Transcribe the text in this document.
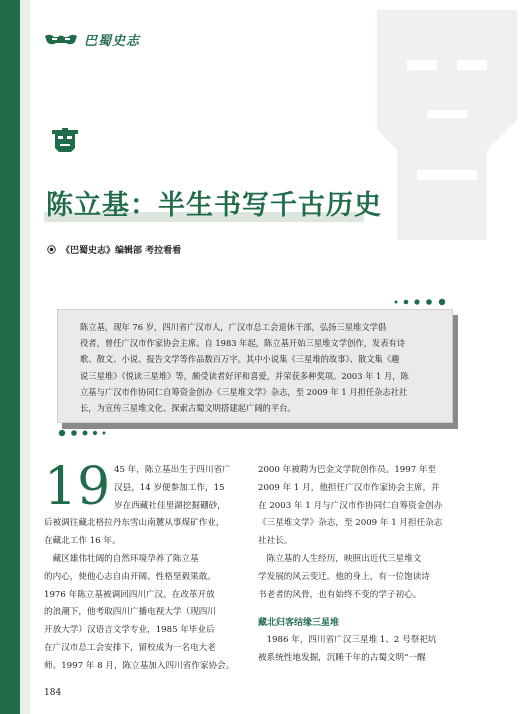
巴蜀史志
陈立基：半生书写千古历史
《巴蜀史志》编辑部 考拉看看
陈立基，现年 76 岁，四川省广汉市人，广汉市总工会退休干部，弘扬三星堆文学倡
役者，曾任广汉市作家协会主席。自 1983 年起，陈立基开始三星堆文学创作，发表有诗
歌、散文、小说、报告文学等作品数百万字。其中小说集《三星堆的故事》、散文集《趣
说三星堆》《悦读三星堆》等，颇受读者好评和喜爱，并荣获多种奖项。2003 年 1 月，陈
立基与广汉市作协同仁自筹资金创办《三星堆文学》杂志，至 2009 年 1 月担任杂志社社
长，为宣传三星堆文化、探索古蜀文明搭建起广阔的平台。
19 45 年，陈立基出生于四川省广
汉县，14 岁便参加工作，15
岁在西藏社佳里湖挖掘硼砂，
后被调往藏北格拉丹东雪山南麓从事煤矿作业，
在藏北工作 16 年。
　藏区雄伟壮阔的自然环境孕养了陈立基
的内心，使他心志自由开阔、性格坚毅果敢。
1976 年陈立基被调回四川广汉。在改革开放
的浪潮下，他考取四川广播电视大学（现四川
开放大学）汉语言文学专业，1985 年毕业后
在广汉市总工会安排下，留校成为一名电大老
师。1997 年 8 月，陈立基加入四川省作家协会。
2000 年被聘为巴金文学院创作员。1997 年至
2009 年 1 月，他担任广汉市作家协会主席，并
在 2003 年 1 月与广汉市作协同仁自筹资金创办
《三星堆文学》杂志，至 2009 年 1 月担任杂志
社社长。
　陈立基的人生经历，映照出近代三星堆文
学发展的风云变迁。他的身上，有一位饱读诗
书老者的风骨，也有始终不变的学子初心。
藏北归客结缘三星堆
　1986 年，四川省广汉三星堆 1、2 号祭祀坑
被系统性地发掘，沉睡千年的古蜀文明“一醒
184
